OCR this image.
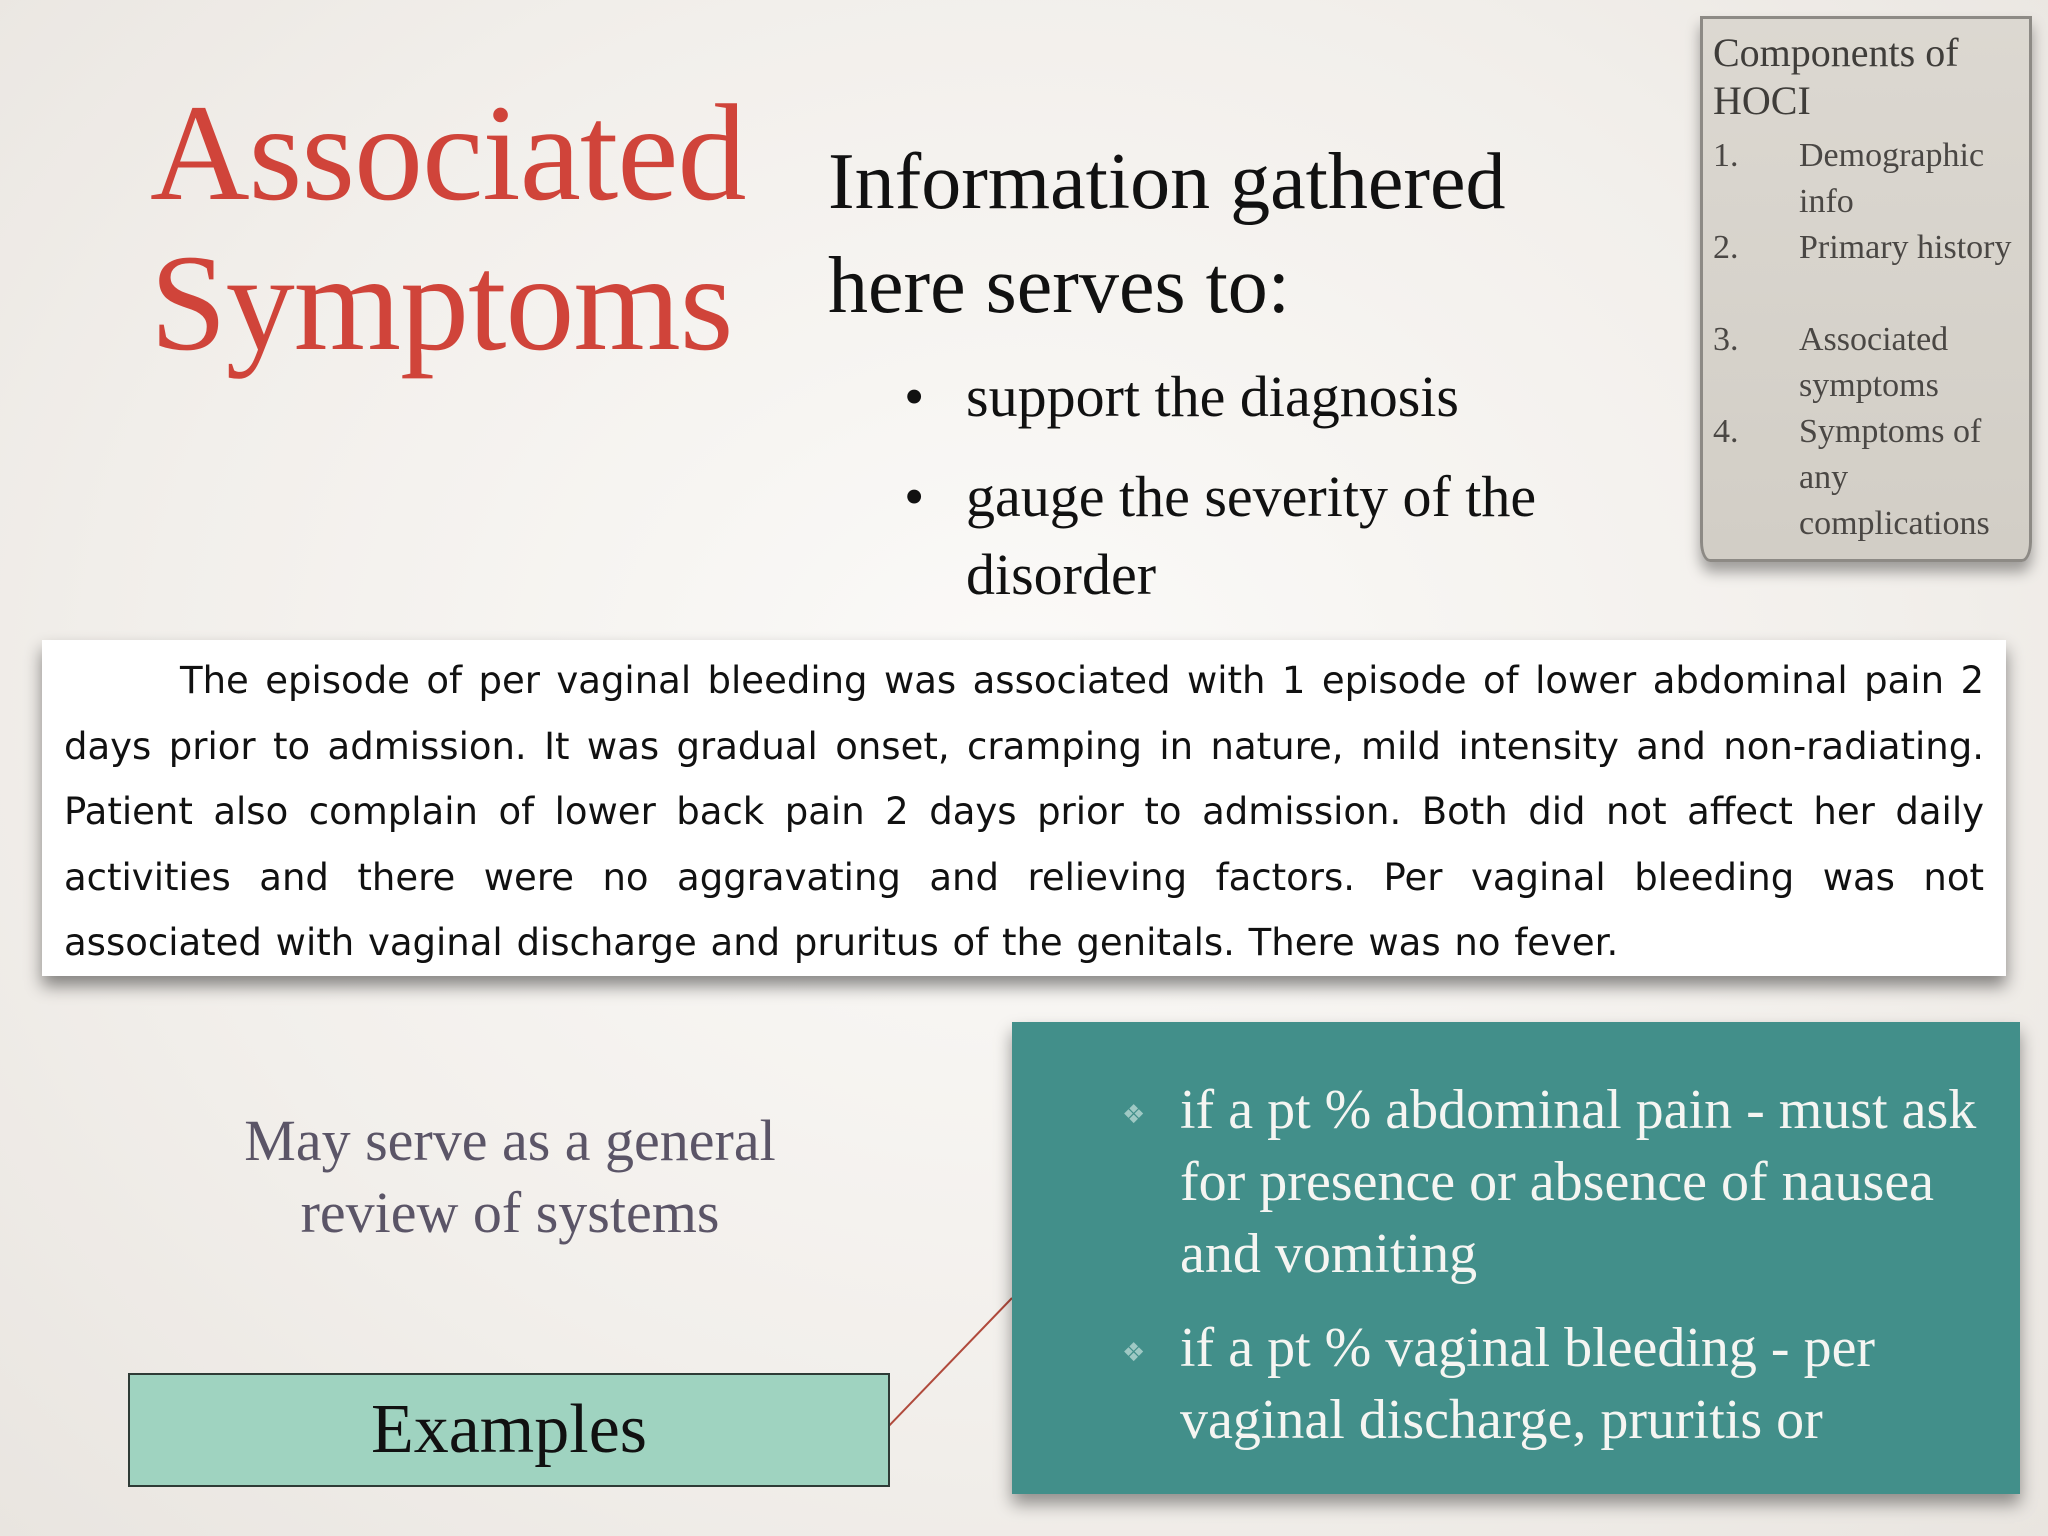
Associated
Symptoms
Information gathered
here serves to:
• support the diagnosis
• gauge the severity of the disorder
Components of HOCI
1. Demographic info
2. Primary history
3. Associated symptoms
4. Symptoms of any complications

The episode of per vaginal bleeding was associated with 1 episode of lower abdominal pain 2 days prior to admission. It was gradual onset, cramping in nature, mild intensity and non-radiating. Patient also complain of lower back pain 2 days prior to admission. Both did not affect her daily activities and there were no aggravating and relieving factors. Per vaginal bleeding was not associated with vaginal discharge and pruritus of the genitals. There was no fever.

May serve as a general
review of systems
Examples
❖ if a pt % abdominal pain - must ask for presence or absence of nausea and vomiting
❖ if a pt % vaginal bleeding - per vaginal discharge, pruritis or
